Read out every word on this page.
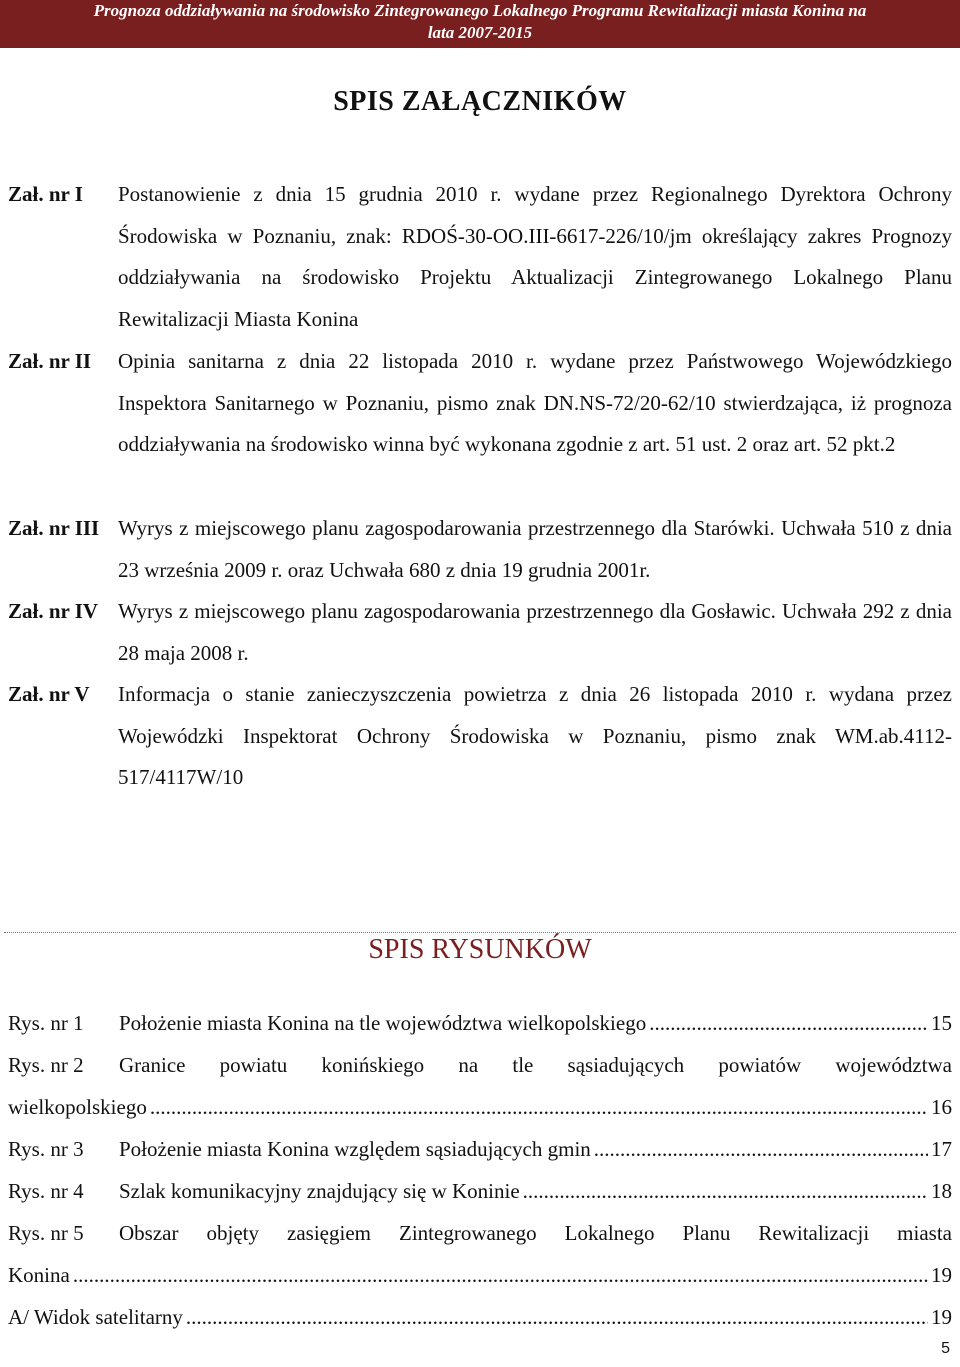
Prognoza oddziaływania na środowisko Zintegrowanego Lokalnego Programu Rewitalizacji miasta Konina na
lata 2007-2015
SPIS ZAŁĄCZNIKÓW
Zał. nr I Postanowienie z dnia 15 grudnia 2010 r. wydane przez Regionalnego Dyrektora Ochrony Środowiska w Poznaniu, znak: RDOŚ-30-OO.III-6617-226/10/jm określający zakres Prognozy oddziaływania na środowisko Projektu Aktualizacji Zintegrowanego Lokalnego Planu Rewitalizacji Miasta Konina
Zał. nr II Opinia sanitarna z dnia 22 listopada 2010 r. wydane przez Państwowego Wojewódzkiego Inspektora Sanitarnego w Poznaniu, pismo znak DN.NS-72/20-62/10 stwierdzająca, iż prognoza oddziaływania na środowisko winna być wykonana zgodnie z art. 51 ust. 2 oraz art. 52 pkt.2
Zał. nr III Wyrys z miejscowego planu zagospodarowania przestrzennego dla Starówki. Uchwała 510 z dnia 23 września 2009 r. oraz Uchwała 680 z dnia 19 grudnia 2001r.
Zał. nr IV Wyrys z miejscowego planu zagospodarowania przestrzennego dla Gosławic. Uchwała 292 z dnia 28 maja 2008 r.
Zał. nr V Informacja o stanie zanieczyszczenia powietrza z dnia 26 listopada 2010 r. wydana przez Wojewódzki Inspektorat Ochrony Środowiska w Poznaniu, pismo znak WM.ab.4112-517/4117W/10
SPIS RYSUNKÓW
Rys. nr 1	Położenie miasta Konina na tle województwa wielkopolskiego .....	15
Rys. nr 2	Granice powiatu konińskiego na tle sąsiadujących powiatów województwa
wielkopolskiego .....	16
Rys. nr 3	Położenie miasta Konina względem sąsiadujących gmin .....	17
Rys. nr 4	Szlak komunikacyjny znajdujący się w Koninie .....	18
Rys. nr 5	Obszar objęty zasięgiem Zintegrowanego Lokalnego Planu Rewitalizacji miasta
Konina .....	19
A/ Widok satelitarny .....	19
5
